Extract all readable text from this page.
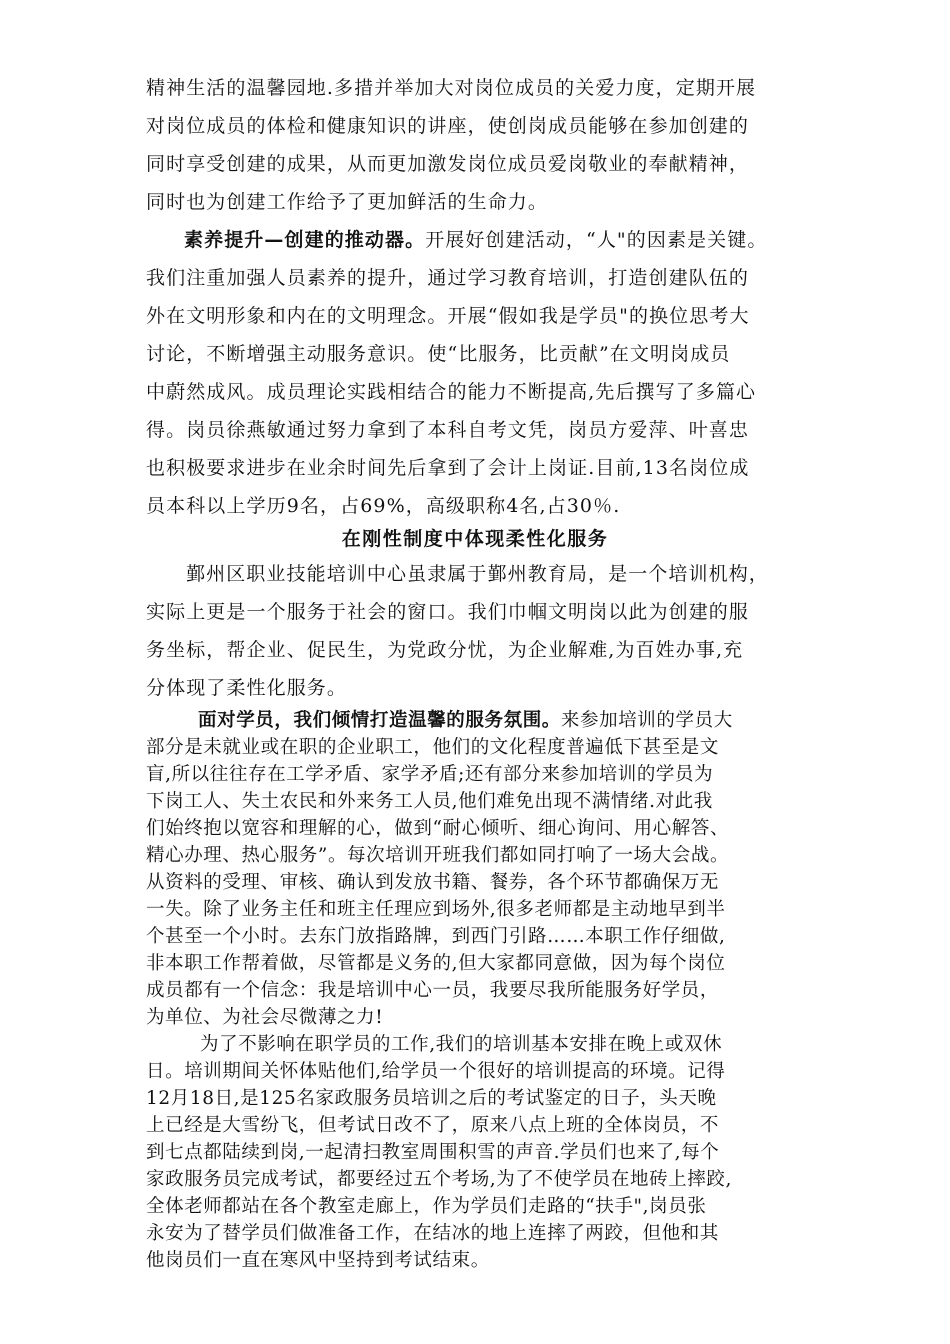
精神生活的温馨园地.多措并举加大对岗位成员的关爱力度，定期开展
对岗位成员的体检和健康知识的讲座，使创岗成员能够在参加创建的
同时享受创建的成果，从而更加激发岗位成员爱岗敬业的奉献精神，
同时也为创建工作给予了更加鲜活的生命力。
素养提升—创建的推动器。开展好创建活动，“人"的因素是关键。
我们注重加强人员素养的提升，通过学习教育培训，打造创建队伍的
外在文明形象和内在的文明理念。开展“假如我是学员"的换位思考大
讨论，不断增强主动服务意识。使“比服务，比贡献”在文明岗成员
中蔚然成风。成员理论实践相结合的能力不断提高,先后撰写了多篇心
得。岗员徐燕敏通过努力拿到了本科自考文凭，岗员方爱萍、叶喜忠
也积极要求进步在业余时间先后拿到了会计上岗证.目前,13名岗位成
员本科以上学历9名，占69%，高级职称4名,占30％.
在刚性制度中体现柔性化服务
鄞州区职业技能培训中心虽隶属于鄞州教育局，是一个培训机构，
实际上更是一个服务于社会的窗口。我们巾帼文明岗以此为创建的服
务坐标，帮企业、促民生，为党政分忧，为企业解难,为百姓办事,充
分体现了柔性化服务。
面对学员，我们倾情打造温馨的服务氛围。来参加培训的学员大
部分是未就业或在职的企业职工，他们的文化程度普遍低下甚至是文
盲,所以往往存在工学矛盾、家学矛盾;还有部分来参加培训的学员为
下岗工人、失土农民和外来务工人员,他们难免出现不满情绪.对此我
们始终抱以宽容和理解的心，做到“耐心倾听、细心询问、用心解答、
精心办理、热心服务”。每次培训开班我们都如同打响了一场大会战。
从资料的受理、审核、确认到发放书籍、餐券，各个环节都确保万无
一失。除了业务主任和班主任理应到场外,很多老师都是主动地早到半
个甚至一个小时。去东门放指路牌，到西门引路……本职工作仔细做,
非本职工作帮着做，尽管都是义务的,但大家都同意做，因为每个岗位
成员都有一个信念：我是培训中心一员，我要尽我所能服务好学员，
为单位、为社会尽微薄之力!
为了不影响在职学员的工作,我们的培训基本安排在晚上或双休
日。培训期间关怀体贴他们,给学员一个很好的培训提高的环境。记得
12月18日,是125名家政服务员培训之后的考试鉴定的日子，头天晚
上已经是大雪纷飞，但考试日改不了，原来八点上班的全体岗员，不
到七点都陆续到岗,一起清扫教室周围积雪的声音.学员们也来了,每个
家政服务员完成考试，都要经过五个考场,为了不使学员在地砖上摔跤,
全体老师都站在各个教室走廊上，作为学员们走路的“扶手",岗员张
永安为了替学员们做准备工作，在结冰的地上连摔了两跤，但他和其
他岗员们一直在寒风中坚持到考试结束。
